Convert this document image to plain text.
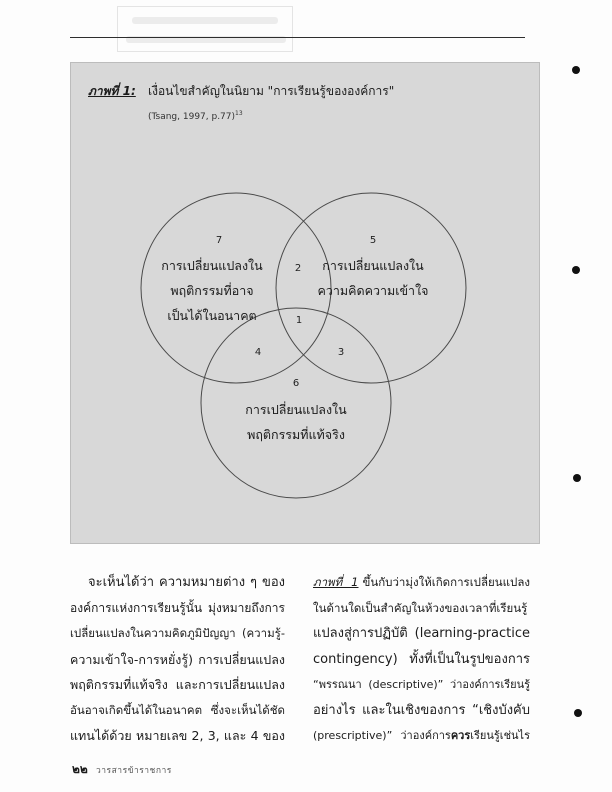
ภาพที่ 1: เงื่อนไขสำคัญในนิยาม "การเรียนรู้ขององค์การ"
(Tsang, 1997, p.77)$^{13}$
7	5
2
1
4	3
6
การเปลี่ยนแปลงใน
พฤติกรรมที่อาจ
เป็นได้ในอนาคต
การเปลี่ยนแปลงใน
ความคิดความเข้าใจ
การเปลี่ยนแปลงใน
พฤติกรรมที่แท้จริง
จะเห็นได้ว่า ความหมายต่าง ๆ ของ
องค์การแห่งการเรียนรู้นั้น มุ่งหมายถึงการ
เปลี่ยนแปลงในความคิดภูมิปัญญา (ความรู้-
ความเข้าใจ-การหยั่งรู้) การเปลี่ยนแปลง
พฤติกรรมที่แท้จริง และการเปลี่ยนแปลง
อันอาจเกิดขึ้นได้ในอนาคต ซึ่งจะเห็นได้ชัด
แทนได้ด้วย หมายเลข 2, 3, และ 4 ของ
ภาพที่ 1 ขึ้นกับว่ามุ่งให้เกิดการเปลี่ยนแปลง
ในด้านใดเป็นสำคัญในห้วงของเวลาที่เรียนรู้
แปลงสู่การปฏิบัติ (learning-practice
contingency) ทั้งที่เป็นในรูปของการ
“พรรณนา (descriptive)” ว่าองค์การเรียนรู้
อย่างไร และในเชิงของการ “เชิงบังคับ
(prescriptive)” ว่าองค์การควรเรียนรู้เช่นไร
๒๒ วารสารข้าราชการ
